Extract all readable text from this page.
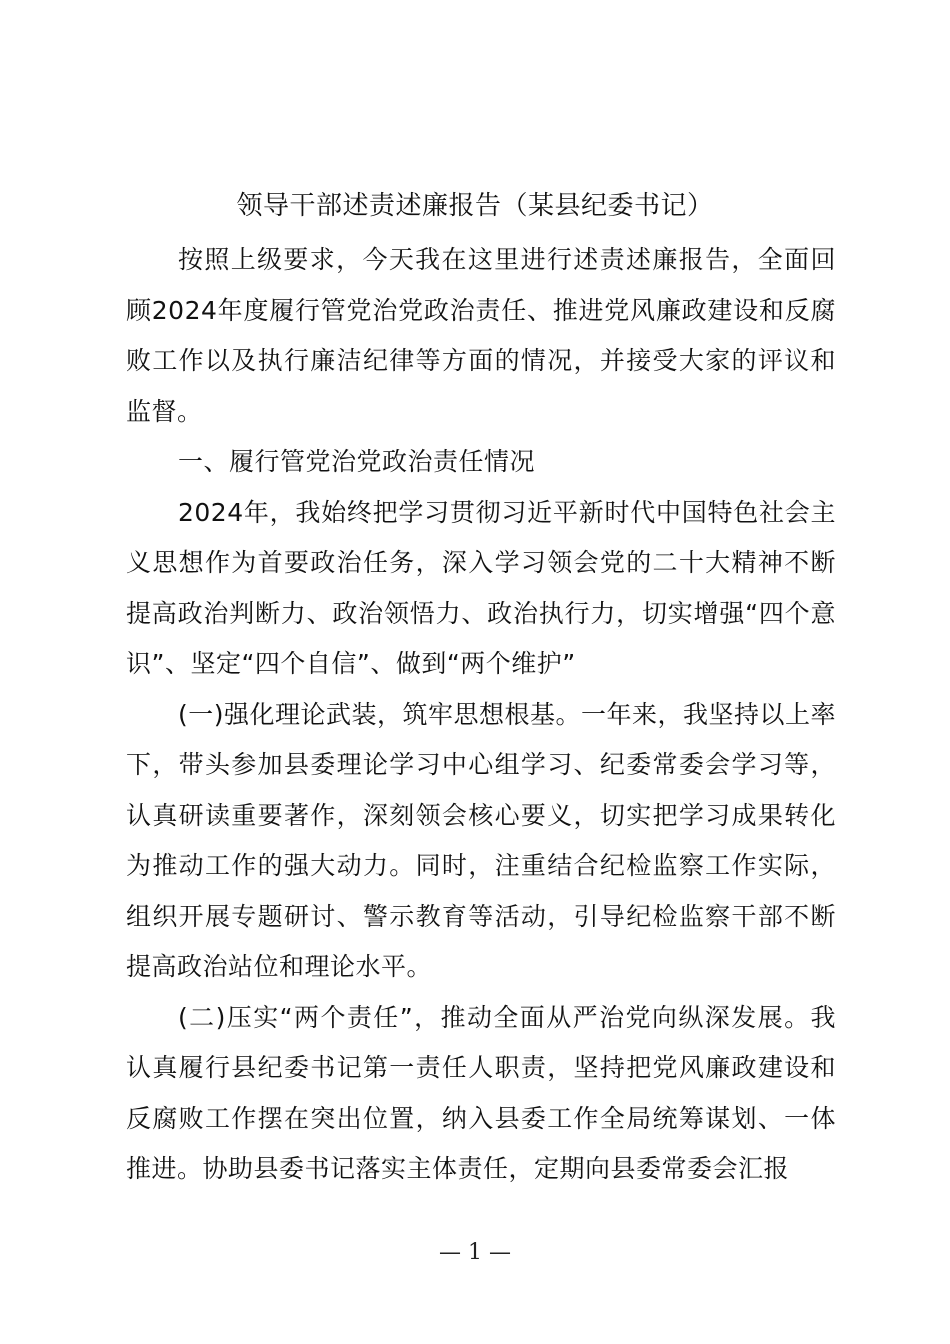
领导干部述责述廉报告（某县纪委书记）

按照上级要求，今天我在这里进行述责述廉报告，全面回顾2024年度履行管党治党政治责任、推进党风廉政建设和反腐败工作以及执行廉洁纪律等方面的情况，并接受大家的评议和监督。

一、履行管党治党政治责任情况

2024年，我始终把学习贯彻习近平新时代中国特色社会主义思想作为首要政治任务，深入学习领会党的二十大精神不断提高政治判断力、政治领悟力、政治执行力，切实增强“四个意识”、坚定“四个自信”、做到“两个维护”

(一)强化理论武装，筑牢思想根基。一年来，我坚持以上率下，带头参加县委理论学习中心组学习、纪委常委会学习等，认真研读重要著作，深刻领会核心要义，切实把学习成果转化为推动工作的强大动力。同时，注重结合纪检监察工作实际，组织开展专题研讨、警示教育等活动，引导纪检监察干部不断提高政治站位和理论水平。

(二)压实“两个责任”，推动全面从严治党向纵深发展。我认真履行县纪委书记第一责任人职责，坚持把党风廉政建设和反腐败工作摆在突出位置，纳入县委工作全局统筹谋划、一体推进。协助县委书记落实主体责任，定期向县委常委会汇报

— 1 —
